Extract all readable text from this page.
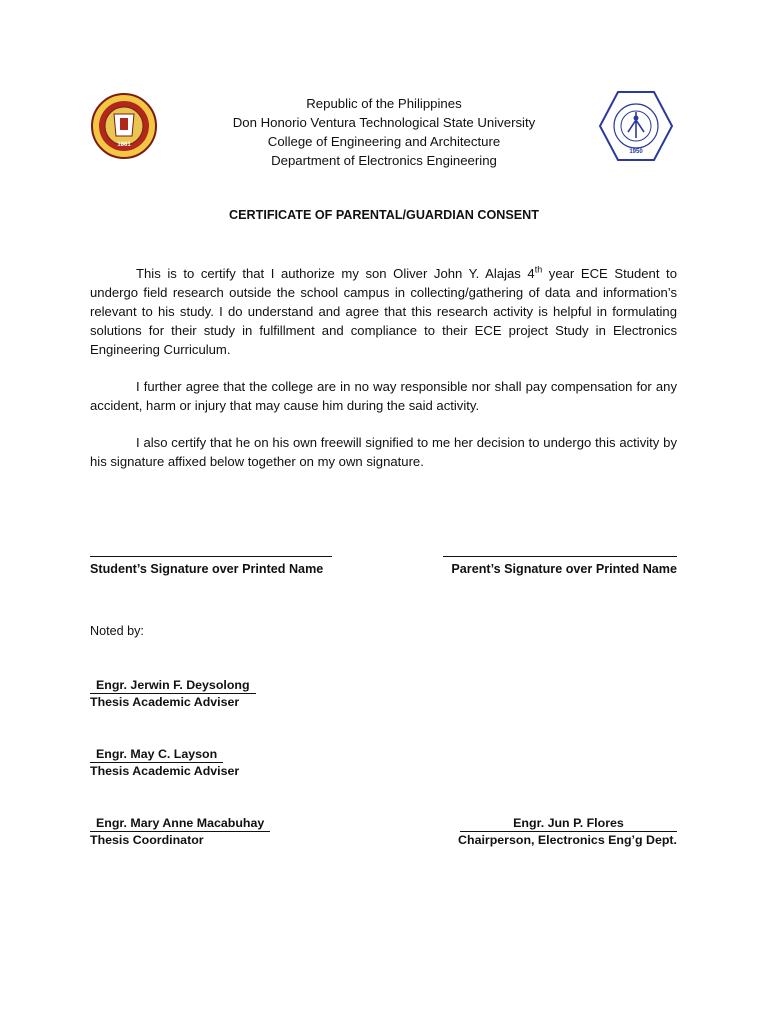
1861
1950
Republic of the Philippines
Don Honorio Ventura Technological State University
College of Engineering and Architecture
Department of Electronics Engineering
CERTIFICATE OF PARENTAL/GUARDIAN CONSENT

This is to certify that I authorize my son Oliver John Y. Alajas 4th year ECE Student to undergo field research outside the school campus in collecting/gathering of data and information’s relevant to his study. I do understand and agree that this research activity is helpful in formulating solutions for their study in fulfillment and compliance to their ECE project Study in Electronics Engineering Curriculum.

I further agree that the college are in no way responsible nor shall pay compensation for any accident, harm or injury that may cause him during the said activity.

I also certify that he on his own freewill signified to me her decision to undergo this activity by his signature affixed below together on my own signature.

Student’s Signature over Printed Name	Parent’s Signature over Printed Name
Noted by:
Engr. Jerwin F. Deysolong
Thesis Academic Adviser
Engr. May C. Layson
Thesis Academic Adviser
Engr. Mary Anne Macabuhay
Thesis Coordinator
Engr. Jun P. Flores
Chairperson, Electronics Eng’g Dept.
